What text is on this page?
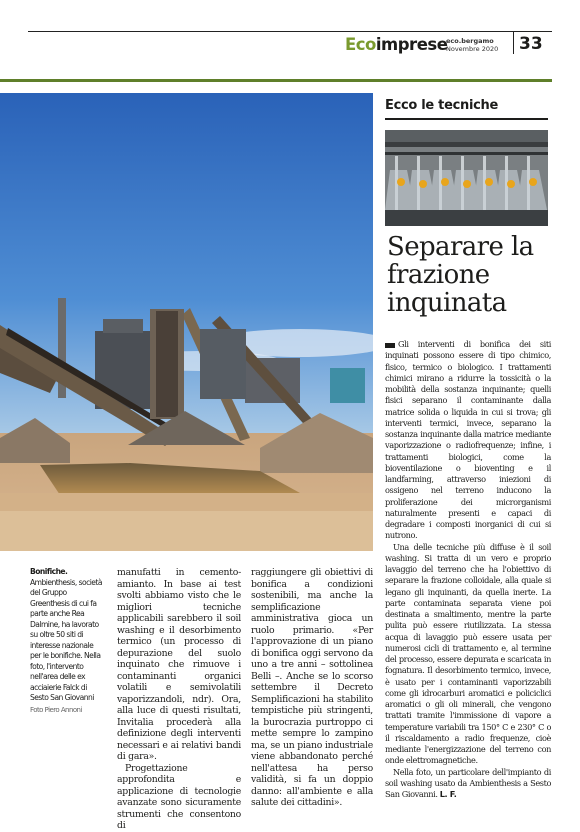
Eco imprese
eco.bergamo
Novembre 2020	33
Ecco le tecniche
Separare la frazione inquinata

Gli interventi di bonifica dei siti inquinati possono essere di tipo chimico, fisico, termico o biologico. I trattamenti chimici mirano a ridurre la tossicità o la mobilità della sostanza inquinante; quelli fisici separano il contaminante dalla matrice solida o liquida in cui si trova; gli interventi termici, invece, separano la sostanza inquinante dalla matrice mediante vaporizzazione o radiofrequenze; infine, i trattamenti biologici, come la bioventilazione o bioventing e il landfarming, attraverso iniezioni di ossigeno nel terreno inducono la proliferazione dei microrganismi naturalmente presenti e capaci di degradare i composti inorganici di cui si nutrono.

Una delle tecniche più diffuse è il soil washing. Si tratta di un vero e proprio lavaggio del terreno che ha l'obiettivo di separare la frazione colloidale, alla quale si legano gli inquinanti, da quella inerte. La parte contaminata separata viene poi destinata a smaltimento, mentre la parte pulita può essere riutilizzata. La stessa acqua di lavaggio può essere usata per numerosi cicli di trattamento e, al termine del processo, essere depurata e scaricata in fognatura. Il desorbimento termico, invece, è usato per i contaminanti vaporizzabili come gli idrocarburi aromatici e policiclici aromatici o gli oli minerali, che vengono trattati tramite l'immissione di vapore a temperature variabili tra 150° C e 230° C o il riscaldamento a radio frequenze, cioè mediante l'energizzazione del terreno con onde elettromagnetiche.

Nella foto, un particolare dell'impianto di soil washing usato da Ambienthesis a Sesto San Giovanni. L. F.

Bonifiche. Ambienthesis, società del Gruppo Greenthesis di cui fa parte anche Rea Dalmine, ha lavorato su oltre 50 siti di interesse nazionale per le bonifiche. Nella foto, l'intervento nell'area delle ex acciaierie Falck di Sesto San Giovanni
Foto Piero Annoni

manufatti in cemento-amianto. In base ai test svolti abbiamo visto che le migliori tecniche applicabili sarebbero il soil washing e il desorbimento termico (un processo di depurazione del suolo inquinato che rimuove i contaminanti organici volatili e semivolatili vaporizzandoli, ndr). Ora, alla luce di questi risultati, Invitalia procederà alla definizione degli interventi necessari e ai relativi bandi di gara».

Progettazione approfondita e applicazione di tecnologie avanzate sono sicuramente strumenti che consentono di

raggiungere gli obiettivi di bonifica a condizioni sostenibili, ma anche la semplificazione amministrativa gioca un ruolo primario. «Per l'approvazione di un piano di bonifica oggi servono da uno a tre anni – sottolinea Belli –. Anche se lo scorso settembre il Decreto Semplificazioni ha stabilito tempistiche più stringenti, la burocrazia purtroppo ci mette sempre lo zampino ma, se un piano industriale viene abbandonato perché nell'attesa ha perso validità, si fa un doppio danno: all'ambiente e alla salute dei cittadini».
